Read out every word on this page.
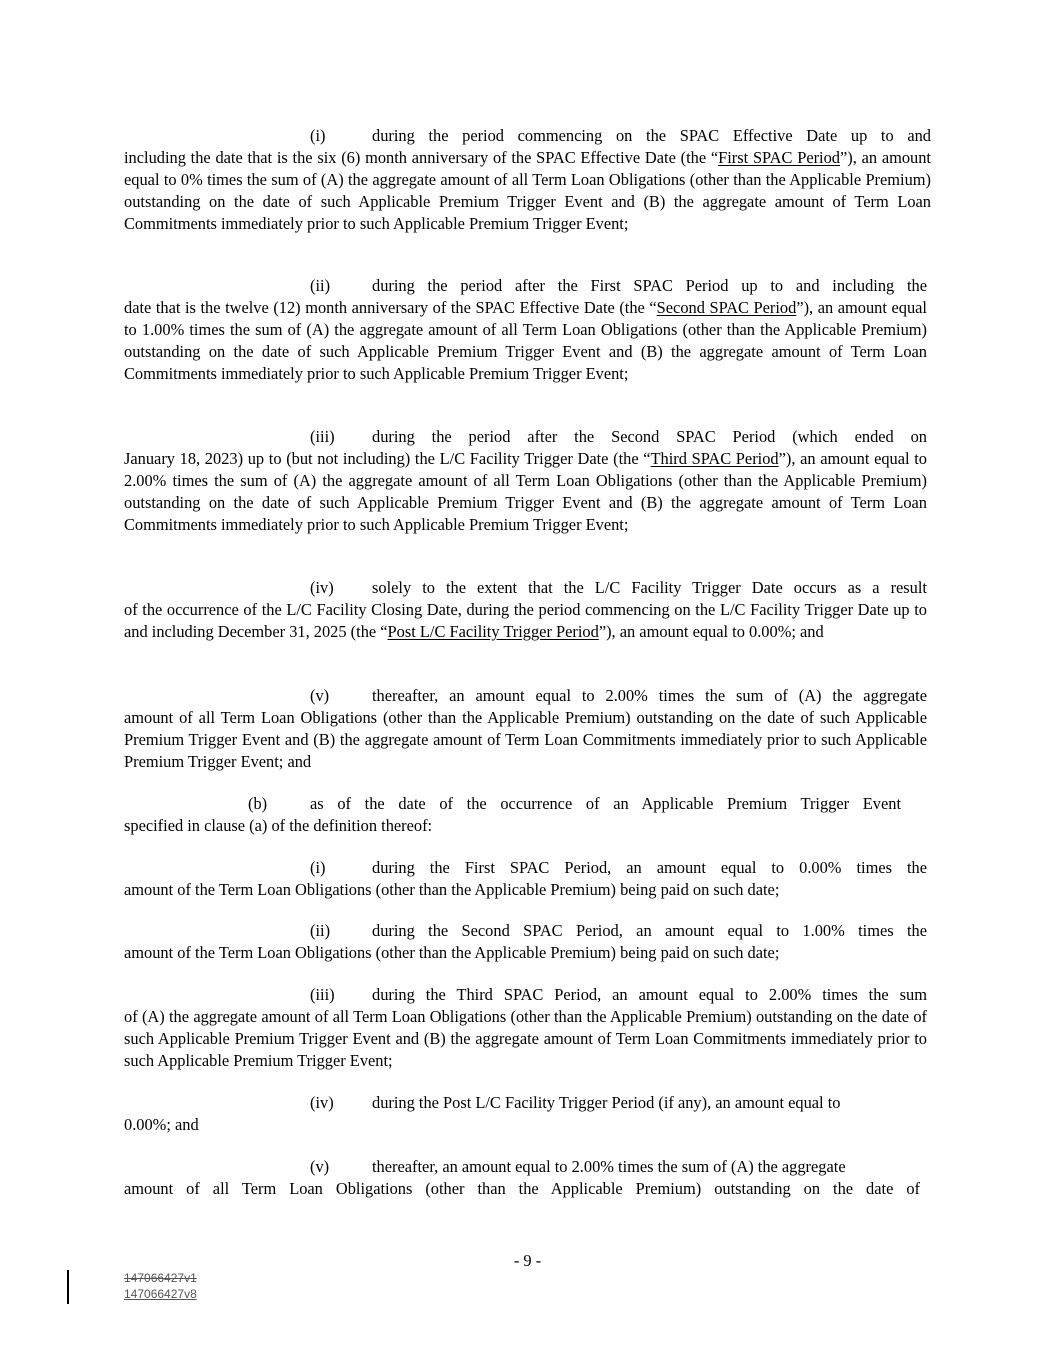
(i)	during the period commencing on the SPAC Effective Date up to and
including the date that is the six (6) month anniversary of the SPAC Effective Date (the “First SPAC Period”), an amount equal to 0% times the sum of (A) the aggregate amount of all Term Loan Obligations (other than the Applicable Premium) outstanding on the date of such Applicable Premium Trigger Event and (B) the aggregate amount of Term Loan Commitments immediately prior to such Applicable Premium Trigger Event;
(ii)	during the period after the First SPAC Period up to and including the
date that is the twelve (12) month anniversary of the SPAC Effective Date (the “Second SPAC Period”), an amount equal to 1.00% times the sum of (A) the aggregate amount of all Term Loan Obligations (other than the Applicable Premium) outstanding on the date of such Applicable Premium Trigger Event and (B) the aggregate amount of Term Loan Commitments immediately prior to such Applicable Premium Trigger Event;
(iii)	during the period after the Second SPAC Period (which ended on
January 18, 2023) up to (but not including) the L/C Facility Trigger Date (the “Third SPAC Period”), an amount equal to 2.00% times the sum of (A) the aggregate amount of all Term Loan Obligations (other than the Applicable Premium) outstanding on the date of such Applicable Premium Trigger Event and (B) the aggregate amount of Term Loan Commitments immediately prior to such Applicable Premium Trigger Event;
(iv)	solely to the extent that the L/C Facility Trigger Date occurs as a result
of the occurrence of the L/C Facility Closing Date, during the period commencing on the L/C Facility Trigger Date up to and including December 31, 2025 (the “Post L/C Facility Trigger Period”), an amount equal to 0.00%; and
(v)	thereafter, an amount equal to 2.00% times the sum of (A) the aggregate
amount of all Term Loan Obligations (other than the Applicable Premium) outstanding on the date of such Applicable Premium Trigger Event and (B) the aggregate amount of Term Loan Commitments immediately prior to such Applicable Premium Trigger Event; and
(b)	as of the date of the occurrence of an Applicable Premium Trigger Event
specified in clause (a) of the definition thereof:
(i)	during the First SPAC Period, an amount equal to 0.00% times the
amount of the Term Loan Obligations (other than the Applicable Premium) being paid on such date;
(ii)	during the Second SPAC Period, an amount equal to 1.00% times the
amount of the Term Loan Obligations (other than the Applicable Premium) being paid on such date;
(iii)	during the Third SPAC Period, an amount equal to 2.00% times the sum
of (A) the aggregate amount of all Term Loan Obligations (other than the Applicable Premium) outstanding on the date of such Applicable Premium Trigger Event and (B) the aggregate amount of Term Loan Commitments immediately prior to such Applicable Premium Trigger Event;
(iv)	during the Post L/C Facility Trigger Period (if any), an amount equal to
0.00%; and
(v)	thereafter, an amount equal to 2.00% times the sum of (A) the aggregate
amount of all Term Loan Obligations (other than the Applicable Premium) outstanding on the date of
- 9 -
147066427v1
147066427v8
